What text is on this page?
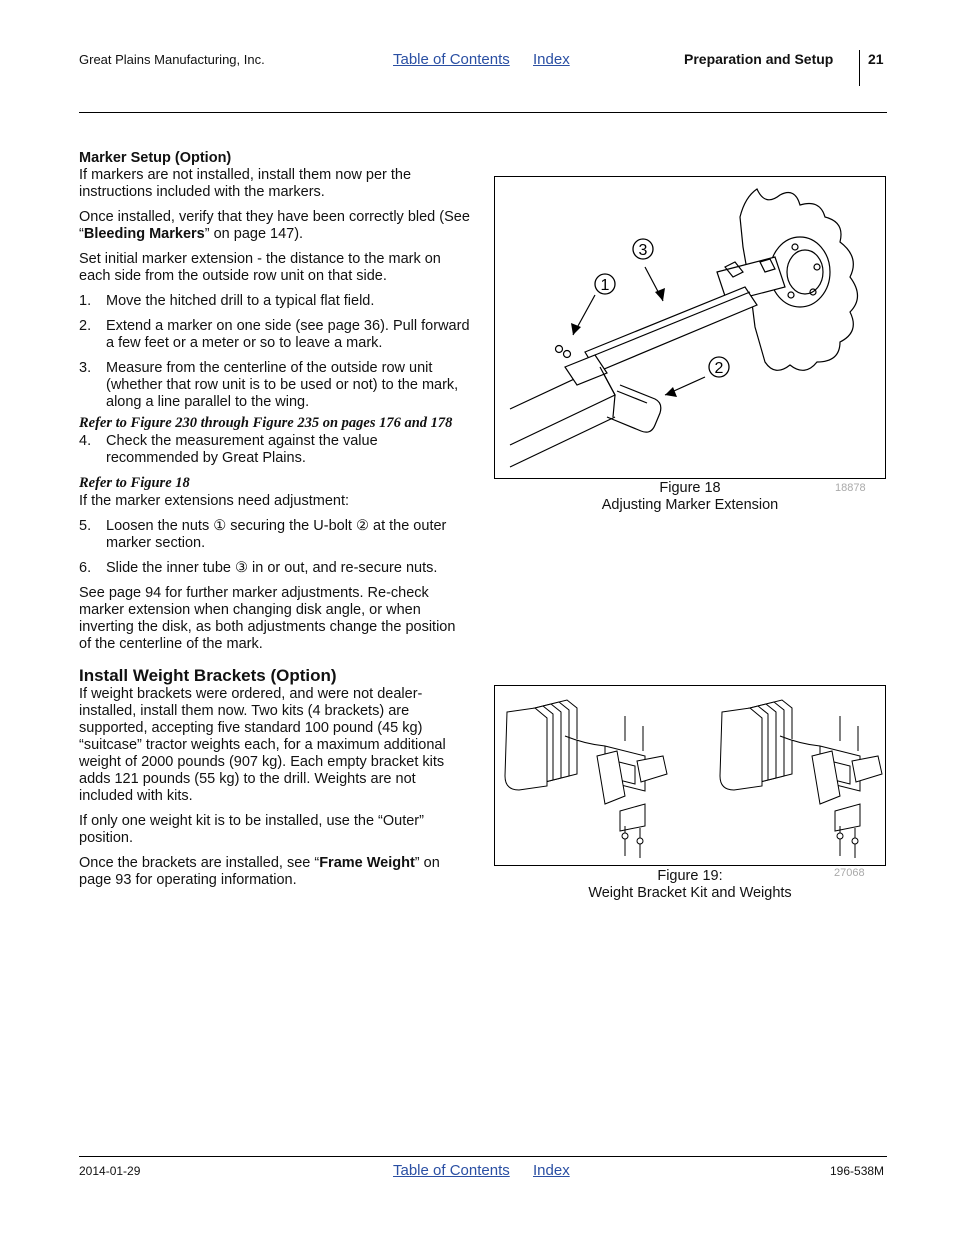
Great Plains Manufacturing, Inc.	Table of Contents Index	Preparation and Setup 21
Marker Setup (Option)

If markers are not installed, install them now per the instructions included with the markers.

Once installed, verify that they have been correctly bled (See “Bleeding Markers” on page 147).

Set initial marker extension - the distance to the mark on each side from the outside row unit on that side.

1.	Move the hitched drill to a typical flat field.
2.	Extend a marker on one side (see page 36). Pull forward a few feet or a meter or so to leave a mark.
3.	Measure from the centerline of the outside row unit (whether that row unit is to be used or not) to the mark, along a line parallel to the wing.
Refer to Figure 230 through Figure 235 on pages 176 and 178
4.	Check the measurement against the value recommended by Great Plains.
Refer to Figure 18

If the marker extensions need adjustment:

5.	Loosen the nuts ① securing the U-bolt ② at the outer marker section.
6.	Slide the inner tube ③ in or out, and re-secure nuts.

See page 94 for further marker adjustments. Re-check marker extension when changing disk angle, or when inverting the disk, as both adjustments change the position of the centerline of the mark.

Install Weight Brackets (Option)

If weight brackets were ordered, and were not dealer-installed, install them now. Two kits (4 brackets) are supported, accepting five standard 100 pound (45 kg) “suitcase” tractor weights each, for a maximum additional weight of 2000 pounds (907 kg). Each empty bracket kits adds 121 pounds (55 kg) to the drill. Weights are not included with kits.

If only one weight kit is to be installed, use the “Outer” position.

Once the brackets are installed, see “Frame Weight” on page 93 for operating information.

1
2
3
Figure 18
Adjusting Marker Extension
18878
Figure 19:
Weight Bracket Kit and Weights
27068
2014-01-29	Table of Contents Index	196-538M
